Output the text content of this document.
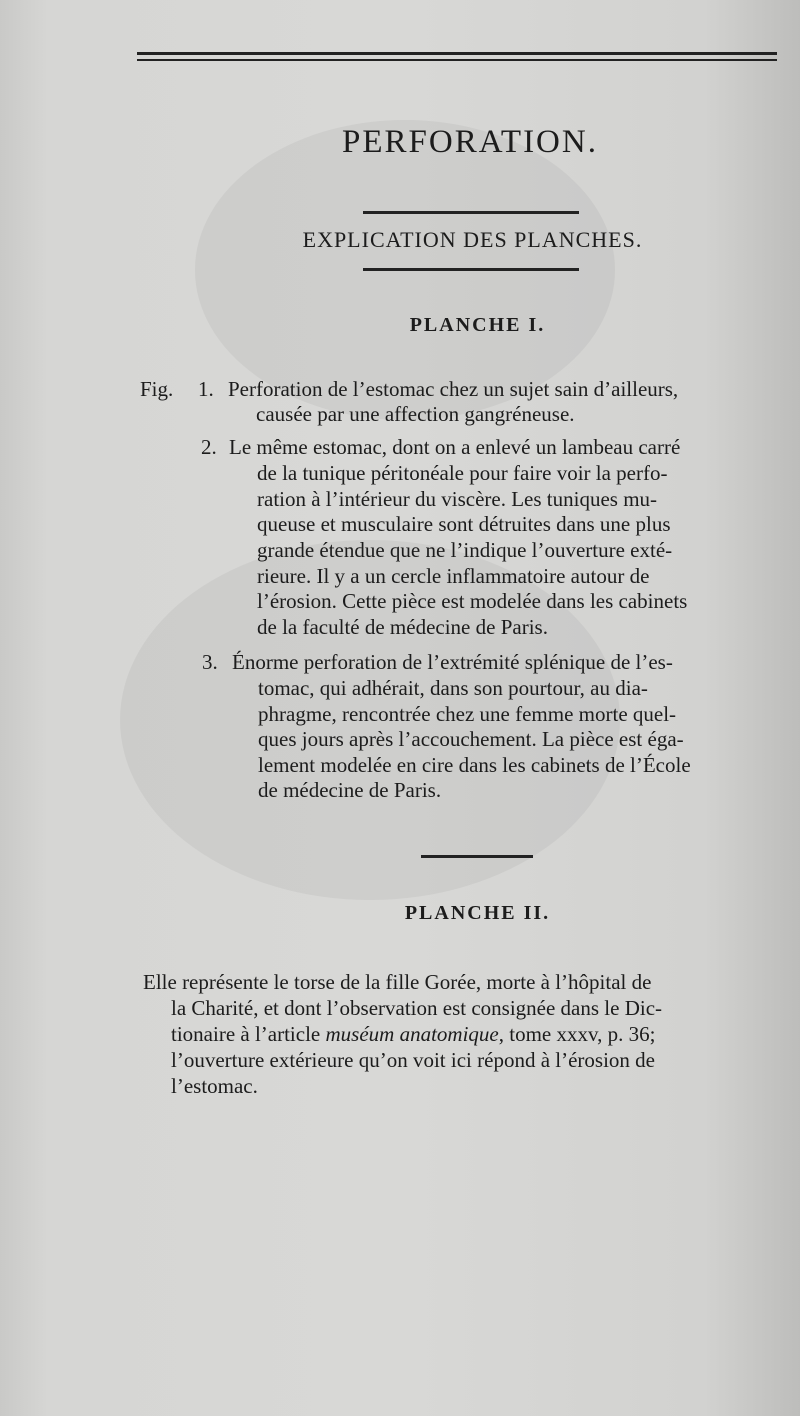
PERFORATION.
EXPLICATION DES PLANCHES.
PLANCHE I.
Fig. 1. Perforation de l’estomac chez un sujet sain d’ailleurs,
causée par une affection gangréneuse.
2. Le même estomac, dont on a enlevé un lambeau carré
de la tunique péritonéale pour faire voir la perfo-
ration à l’intérieur du viscère. Les tuniques mu-
queuse et musculaire sont détruites dans une plus
grande étendue que ne l’indique l’ouverture exté-
rieure. Il y a un cercle inflammatoire autour de
l’érosion. Cette pièce est modelée dans les cabinets
de la faculté de médecine de Paris.
3. Énorme perforation de l’extrémité splénique de l’es-
tomac, qui adhérait, dans son pourtour, au dia-
phragme, rencontrée chez une femme morte quel-
ques jours après l’accouchement. La pièce est éga-
lement modelée en cire dans les cabinets de l’École
de médecine de Paris.
PLANCHE II.
Elle représente le torse de la fille Gorée, morte à l’hôpital de
la Charité, et dont l’observation est consignée dans le Dic-
tionaire à l’article muséum anatomique, tome xxxv, p. 36;
l’ouverture extérieure qu’on voit ici répond à l’érosion de
l’estomac.
